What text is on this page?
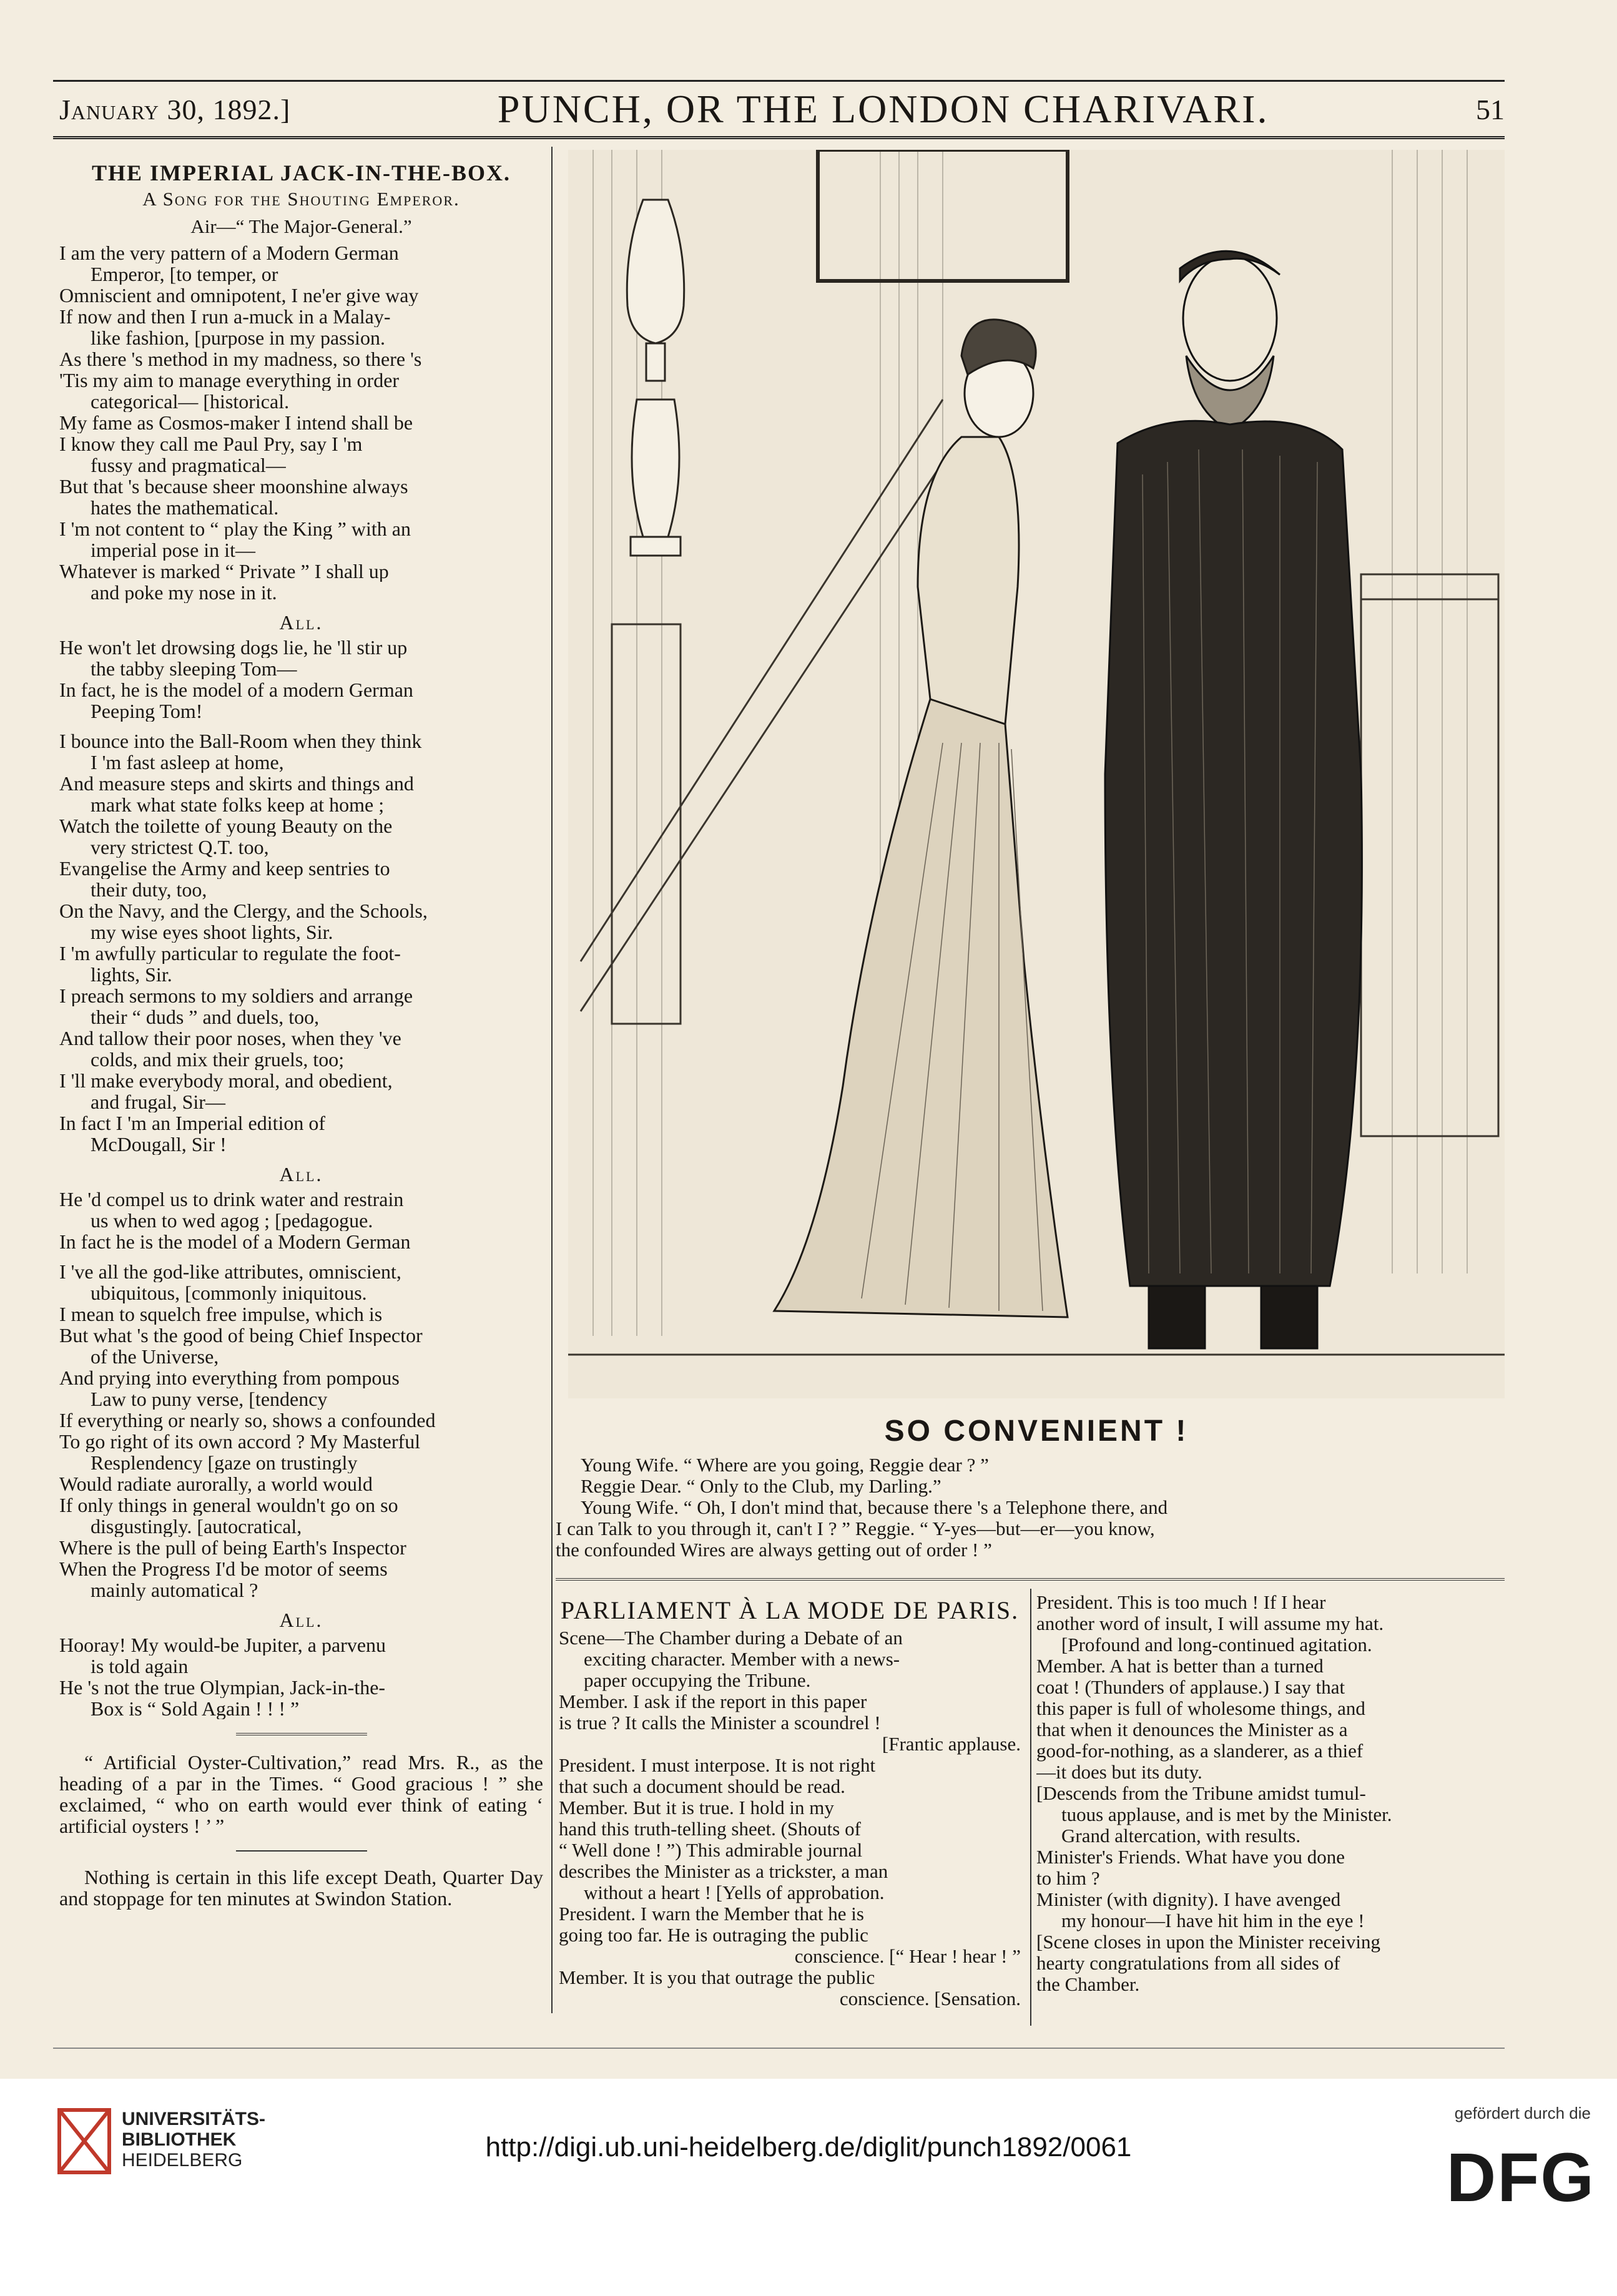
January 30, 1892.]	PUNCH, OR THE LONDON CHARIVARI.	51
THE IMPERIAL JACK-IN-THE-BOX.
A Song for the Shouting Emperor.
Air—“ The Major-General.”
I am the very pattern of a Modern German
Emperor, [to temper, or
Omniscient and omnipotent, I ne'er give way
If now and then I run a-muck in a Malay-
like fashion, [purpose in my passion.
As there 's method in my madness, so there 's
'Tis my aim to manage everything in order
categorical— [historical.
My fame as Cosmos-maker I intend shall be
I know they call me Paul Pry, say I 'm
fussy and pragmatical—
But that 's because sheer moonshine always
hates the mathematical.
I 'm not content to “ play the King ” with an
imperial pose in it—
Whatever is marked “ Private ” I shall up
and poke my nose in it.
All.
He won't let drowsing dogs lie, he 'll stir up
the tabby sleeping Tom—
In fact, he is the model of a modern German
Peeping Tom!
I bounce into the Ball-Room when they think
I 'm fast asleep at home,
And measure steps and skirts and things and
mark what state folks keep at home ;
Watch the toilette of young Beauty on the
very strictest Q.T. too,
Evangelise the Army and keep sentries to
their duty, too,
On the Navy, and the Clergy, and the Schools,
my wise eyes shoot lights, Sir.
I 'm awfully particular to regulate the foot-
lights, Sir.
I preach sermons to my soldiers and arrange
their “ duds ” and duels, too,
And tallow their poor noses, when they 've
colds, and mix their gruels, too;
I 'll make everybody moral, and obedient,
and frugal, Sir—
In fact I 'm an Imperial edition of
McDougall, Sir !
All.
He 'd compel us to drink water and restrain
us when to wed agog ; [pedagogue.
In fact he is the model of a Modern German
I 've all the god-like attributes, omniscient,
ubiquitous, [commonly iniquitous.
I mean to squelch free impulse, which is
But what 's the good of being Chief Inspector
of the Universe,
And prying into everything from pompous
Law to puny verse, [tendency
If everything or nearly so, shows a confounded
To go right of its own accord ? My Masterful
Resplendency [gaze on trustingly
Would radiate aurorally, a world would
If only things in general wouldn't go on so
disgustingly. [autocratical,
Where is the pull of being Earth's Inspector
When the Progress I'd be motor of seems
mainly automatical ?
All.
Hooray! My would-be Jupiter, a parvenu
is told again
He 's not the true Olympian, Jack-in-the-
Box is “ Sold Again ! ! ! ”

“ Artificial Oyster-Cultivation,” read Mrs. R., as the heading of a par in the Times. “ Good gracious ! ” she exclaimed, “ who on earth would ever think of eating ‘ artificial oysters ! ’ ”

Nothing is certain in this life except Death, Quarter Day and stoppage for ten minutes at Swindon Station.

SO CONVENIENT !
Young Wife. “ Where are you going, Reggie dear ? ”
Reggie Dear. “ Only to the Club, my Darling.”
Young Wife. “ Oh, I don't mind that, because there 's a Telephone there, and
I can Talk to you through it, can't I ? ” Reggie. “ Y-yes—but—er—you know,
the confounded Wires are always getting out of order ! ”
PARLIAMENT À LA MODE DE PARIS.
Scene—The Chamber during a Debate of an
exciting character. Member with a news-
paper occupying the Tribune.
Member. I ask if the report in this paper
is true ? It calls the Minister a scoundrel !
[Frantic applause.
President. I must interpose. It is not right
that such a document should be read.
Member. But it is true. I hold in my
hand this truth-telling sheet. (Shouts of
“ Well done ! ”) This admirable journal
describes the Minister as a trickster, a man
without a heart ! [Yells of approbation.
President. I warn the Member that he is
going too far. He is outraging the public
conscience. [“ Hear ! hear ! ”
Member. It is you that outrage the public
conscience. [Sensation.
President. This is too much ! If I hear
another word of insult, I will assume my hat.
[Profound and long-continued agitation.
Member. A hat is better than a turned
coat ! (Thunders of applause.) I say that
this paper is full of wholesome things, and
that when it denounces the Minister as a
good-for-nothing, as a slanderer, as a thief
—it does but its duty.
[Descends from the Tribune amidst tumul-
tuous applause, and is met by the Minister.
Grand altercation, with results.
Minister's Friends. What have you done
to him ?
Minister (with dignity). I have avenged
my honour—I have hit him in the eye !
[Scene closes in upon the Minister receiving
hearty congratulations from all sides of
the Chamber.
UNIVERSITÄTS-
BIBLIOTHEK
HEIDELBERG	http://digi.ub.uni-heidelberg.de/diglit/punch1892/0061
gefördert durch die
DFG
